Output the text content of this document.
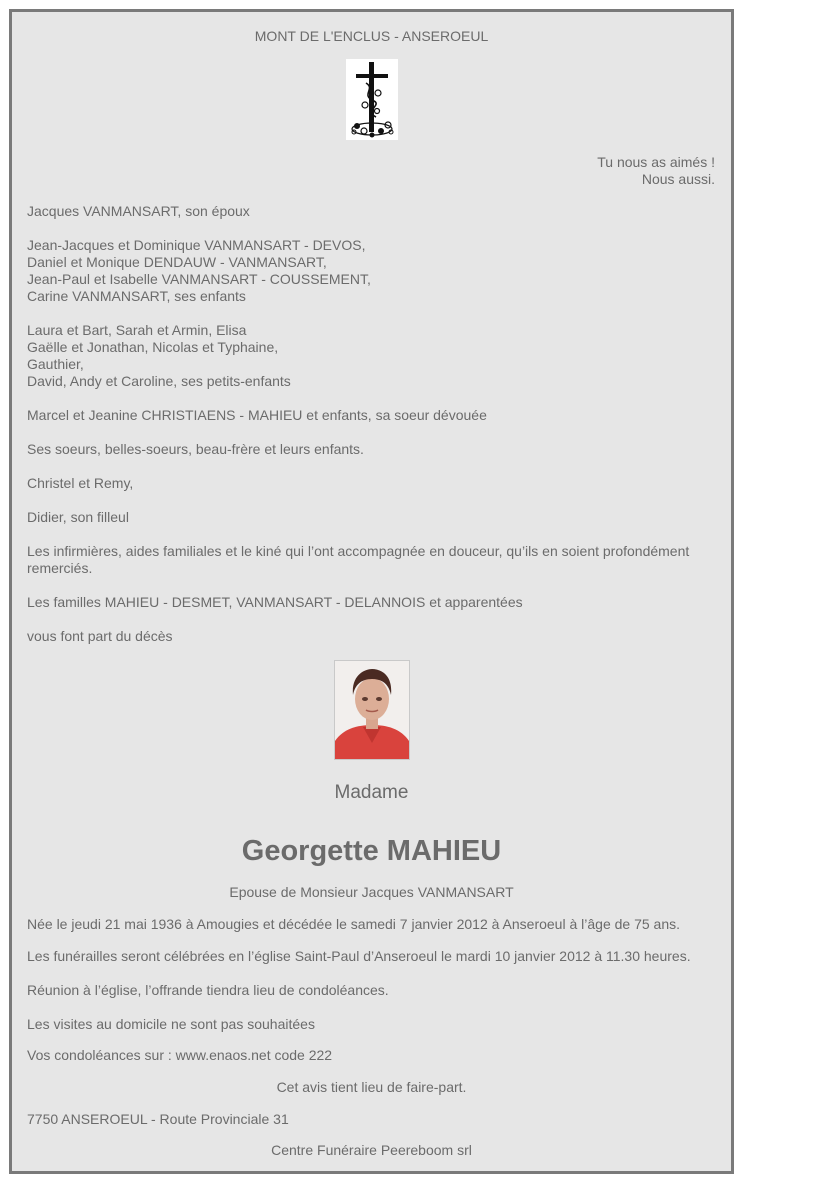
MONT DE L'ENCLUS - ANSEROEUL
Tu nous as aimés !
Nous aussi.
Jacques VANMANSART, son époux
Jean-Jacques et Dominique VANMANSART - DEVOS,
Daniel et Monique DENDAUW - VANMANSART,
Jean-Paul et Isabelle VANMANSART - COUSSEMENT,
Carine VANMANSART, ses enfants
Laura et Bart, Sarah et Armin, Elisa
Gaëlle et Jonathan, Nicolas et Typhaine,
Gauthier,
David, Andy et Caroline, ses petits-enfants
Marcel et Jeanine CHRISTIAENS - MAHIEU et enfants, sa soeur dévouée
Ses soeurs, belles-soeurs, beau-frère et leurs enfants.
Christel et Remy,
Didier, son filleul
Les infirmières, aides familiales et le kiné qui l’ont accompagnée en douceur, qu’ils en soient profondément
remerciés.
Les familles MAHIEU - DESMET, VANMANSART - DELANNOIS et apparentées
vous font part du décès
Madame
Georgette MAHIEU
Epouse de Monsieur Jacques VANMANSART
Née le jeudi 21 mai 1936 à Amougies et décédée le samedi 7 janvier 2012 à Anseroeul à l’âge de 75 ans.
Les funérailles seront célébrées en l’église Saint-Paul d’Anseroeul le mardi 10 janvier 2012 à 11.30 heures.
Réunion à l’église, l’offrande tiendra lieu de condoléances.
Les visites au domicile ne sont pas souhaitées
Vos condoléances sur : www.enaos.net code 222
Cet avis tient lieu de faire-part.
7750 ANSEROEUL - Route Provinciale 31
Centre Funéraire Peereboom srl
